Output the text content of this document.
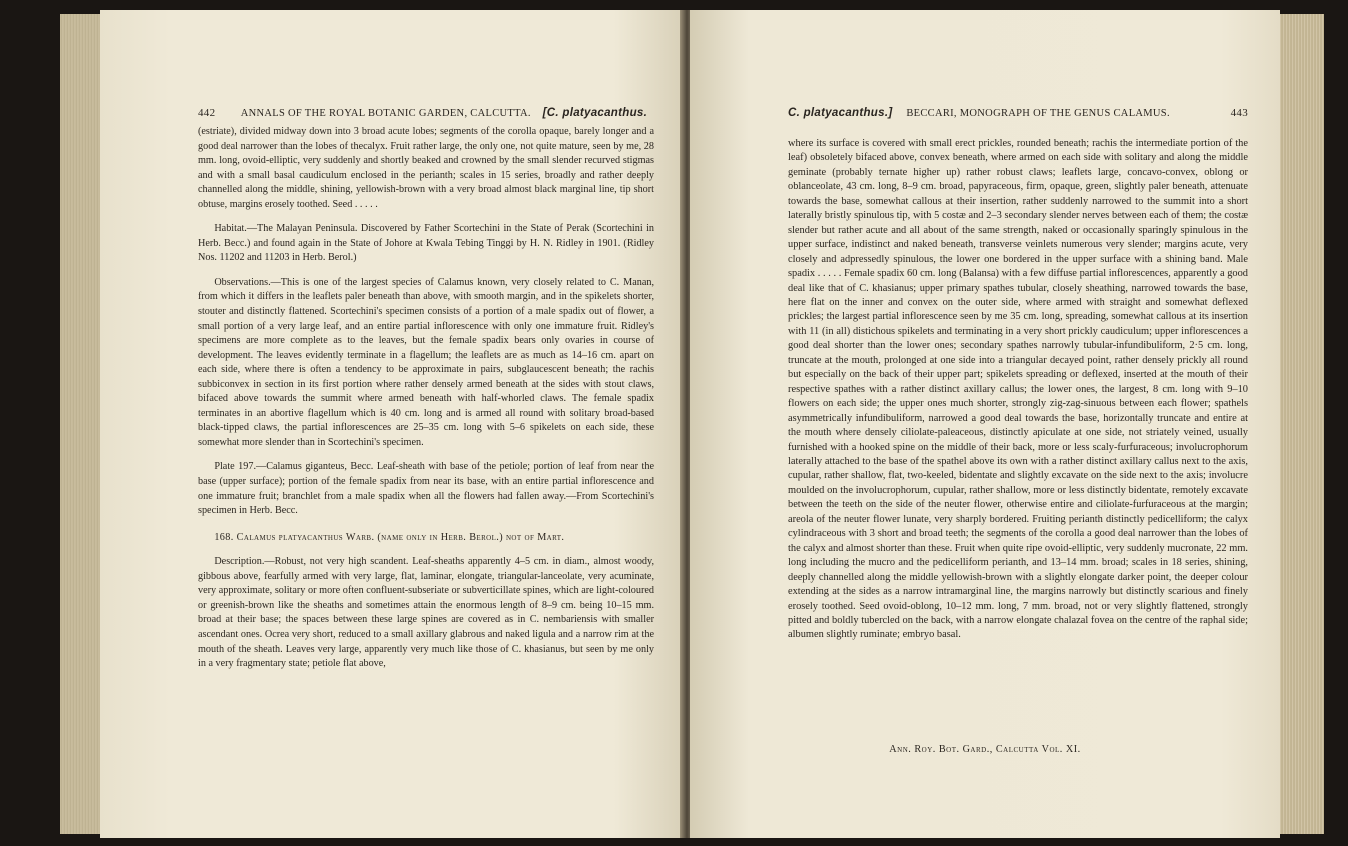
442 ANNALS OF THE ROYAL BOTANIC GARDEN, CALCUTTA. [C. platyacanthus.

(estriate), divided midway down into 3 broad acute lobes; segments of the corolla opaque, barely longer and a good deal narrower than the lobes of thecalyx. Fruit rather large, the only one, not quite mature, seen by me, 28 mm. long, ovoid-elliptic, very suddenly and shortly beaked and crowned by the small slender recurved stigmas and with a small basal caudiculum enclosed in the perianth; scales in 15 series, broadly and rather deeply channelled along the middle, shining, yellowish-brown with a very broad almost black marginal line, tip short obtuse, margins erosely toothed. Seed . . . . .

Habitat.—The Malayan Peninsula. Discovered by Father Scortechini in the State of Perak (Scortechini in Herb. Becc.) and found again in the State of Johore at Kwala Tebing Tinggi by H. N. Ridley in 1901. (Ridley Nos. 11202 and 11203 in Herb. Berol.)

Observations.—This is one of the largest species of Calamus known, very closely related to C. Manan, from which it differs in the leaflets paler beneath than above, with smooth margin, and in the spikelets shorter, stouter and distinctly flattened. Scortechini's specimen consists of a portion of a male spadix out of flower, a small portion of a very large leaf, and an entire partial inflorescence with only one immature fruit. Ridley's specimens are more complete as to the leaves, but the female spadix bears only ovaries in course of development. The leaves evidently terminate in a flagellum; the leaflets are as much as 14–16 cm. apart on each side, where there is often a tendency to be approximate in pairs, subglaucescent beneath; the rachis subbiconvex in section in its first portion where rather densely armed beneath at the sides with stout claws, bifaced above towards the summit where armed beneath with half-whorled claws. The female spadix terminates in an abortive flagellum which is 40 cm. long and is armed all round with solitary broad-based black-tipped claws, the partial inflorescences are 25–35 cm. long with 5–6 spikelets on each side, these somewhat more slender than in Scortechini's specimen.

Plate 197.—Calamus giganteus, Becc. Leaf-sheath with base of the petiole; portion of leaf from near the base (upper surface); portion of the female spadix from near its base, with an entire partial inflorescence and one immature fruit; branchlet from a male spadix when all the flowers had fallen away.—From Scortechini's specimen in Herb. Becc.

168. Calamus platyacanthus Warb. (name only in Herb. Berol.) not of Mart.

Description.—Robust, not very high scandent. Leaf-sheaths apparently 4–5 cm. in diam., almost woody, gibbous above, fearfully armed with very large, flat, laminar, elongate, triangular-lanceolate, very acuminate, very approximate, solitary or more often confluent-subseriate or subverticillate spines, which are light-coloured or greenish-brown like the sheaths and sometimes attain the enormous length of 8–9 cm. being 10–15 mm. broad at their base; the spaces between these large spines are covered as in C. nembariensis with smaller ascendant ones. Ocrea very short, reduced to a small axillary glabrous and naked ligula and a narrow rim at the mouth of the sheath. Leaves very large, apparently very much like those of C. khasianus, but seen by me only in a very fragmentary state; petiole flat above,

C. platyacanthus.] BECCARI, MONOGRAPH OF THE GENUS CALAMUS.	443

where its surface is covered with small erect prickles, rounded beneath; rachis the intermediate portion of the leaf) obsoletely bifaced above, convex beneath, where armed on each side with solitary and along the middle geminate (probably ternate higher up) rather robust claws; leaflets large, concavo-convex, oblong or oblanceolate, 43 cm. long, 8–9 cm. broad, papyraceous, firm, opaque, green, slightly paler beneath, attenuate towards the base, somewhat callous at their insertion, rather suddenly narrowed to the summit into a short laterally bristly spinulous tip, with 5 costæ and 2–3 secondary slender nerves between each of them; the costæ slender but rather acute and all about of the same strength, naked or occasionally sparingly spinulous in the upper surface, indistinct and naked beneath, transverse veinlets numerous very slender; margins acute, very closely and adpressedly spinulous, the lower one bordered in the upper surface with a shining band. Male spadix . . . . . Female spadix 60 cm. long (Balansa) with a few diffuse partial inflorescences, apparently a good deal like that of C. khasianus; upper primary spathes tubular, closely sheathing, narrowed towards the base, here flat on the inner and convex on the outer side, where armed with straight and somewhat deflexed prickles; the largest partial inflorescence seen by me 35 cm. long, spreading, somewhat callous at its insertion with 11 (in all) distichous spikelets and terminating in a very short prickly caudiculum; upper inflorescences a good deal shorter than the lower ones; secondary spathes narrowly tubular-infundibuliform, 2·5 cm. long, truncate at the mouth, prolonged at one side into a triangular decayed point, rather densely prickly all round but especially on the back of their upper part; spikelets spreading or deflexed, inserted at the mouth of their respective spathes with a rather distinct axillary callus; the lower ones, the largest, 8 cm. long with 9–10 flowers on each side; the upper ones much shorter, strongly zig-zag-sinuous between each flower; spathels asymmetrically infundibuliform, narrowed a good deal towards the base, horizontally truncate and entire at the mouth where densely ciliolate-paleaceous, distinctly apiculate at one side, not striately veined, usually furnished with a hooked spine on the middle of their back, more or less scaly-furfuraceous; involucrophorum laterally attached to the base of the spathel above its own with a rather distinct axillary callus next to the axis, cupular, rather shallow, flat, two-keeled, bidentate and slightly excavate on the side next to the axis; involucre moulded on the involucrophorum, cupular, rather shallow, more or less distinctly bidentate, remotely excavate between the teeth on the side of the neuter flower, otherwise entire and ciliolate-furfuraceous at the margin; areola of the neuter flower lunate, very sharply bordered. Fruiting perianth distinctly pedicelliform; the calyx cylindraceous with 3 short and broad teeth; the segments of the corolla a good deal narrower than the lobes of the calyx and almost shorter than these. Fruit when quite ripe ovoid-elliptic, very suddenly mucronate, 22 mm. long including the mucro and the pedicelliform perianth, and 13–14 mm. broad; scales in 18 series, shining, deeply channelled along the middle yellowish-brown with a slightly elongate darker point, the deeper colour extending at the sides as a narrow intramarginal line, the margins narrowly but distinctly scarious and finely erosely toothed. Seed ovoid-oblong, 10–12 mm. long, 7 mm. broad, not or very slightly flattened, strongly pitted and boldly tubercled on the back, with a narrow elongate chalazal fovea on the centre of the raphal side; albumen slightly ruminate; embryo basal.

Ann. Roy. Bot. Gard., Calcutta Vol. XI.
